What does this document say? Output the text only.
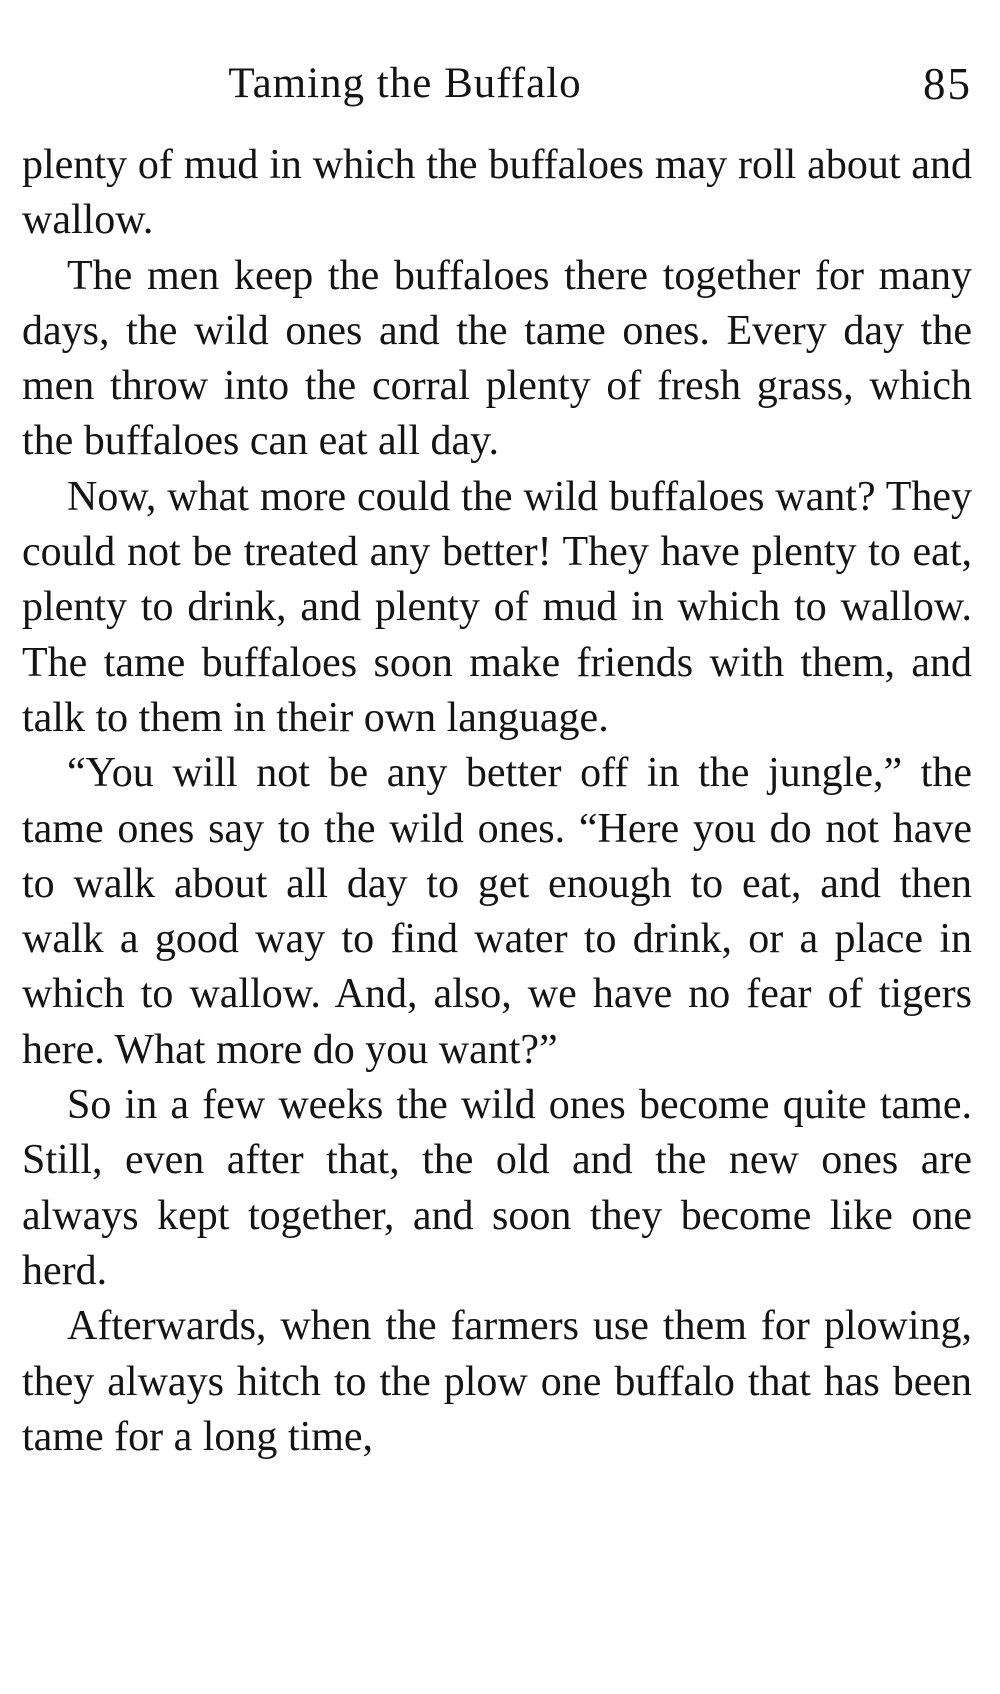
Taming the Buffalo	85

plenty of mud in which the buffaloes may roll about and wallow.

The men keep the buffaloes there together for many days, the wild ones and the tame ones. Every day the men throw into the corral plenty of fresh grass, which the buffaloes can eat all day.

Now, what more could the wild buffaloes want? They could not be treated any better! They have plenty to eat, plenty to drink, and plenty of mud in which to wallow. The tame buffaloes soon make friends with them, and talk to them in their own language.

“You will not be any better off in the jungle,” the tame ones say to the wild ones. “Here you do not have to walk about all day to get enough to eat, and then walk a good way to find water to drink, or a place in which to wallow. And, also, we have no fear of tigers here. What more do you want?”

So in a few weeks the wild ones become quite tame. Still, even after that, the old and the new ones are always kept together, and soon they become like one herd.

Afterwards, when the farmers use them for plowing, they always hitch to the plow one buffalo that has been tame for a long time,
